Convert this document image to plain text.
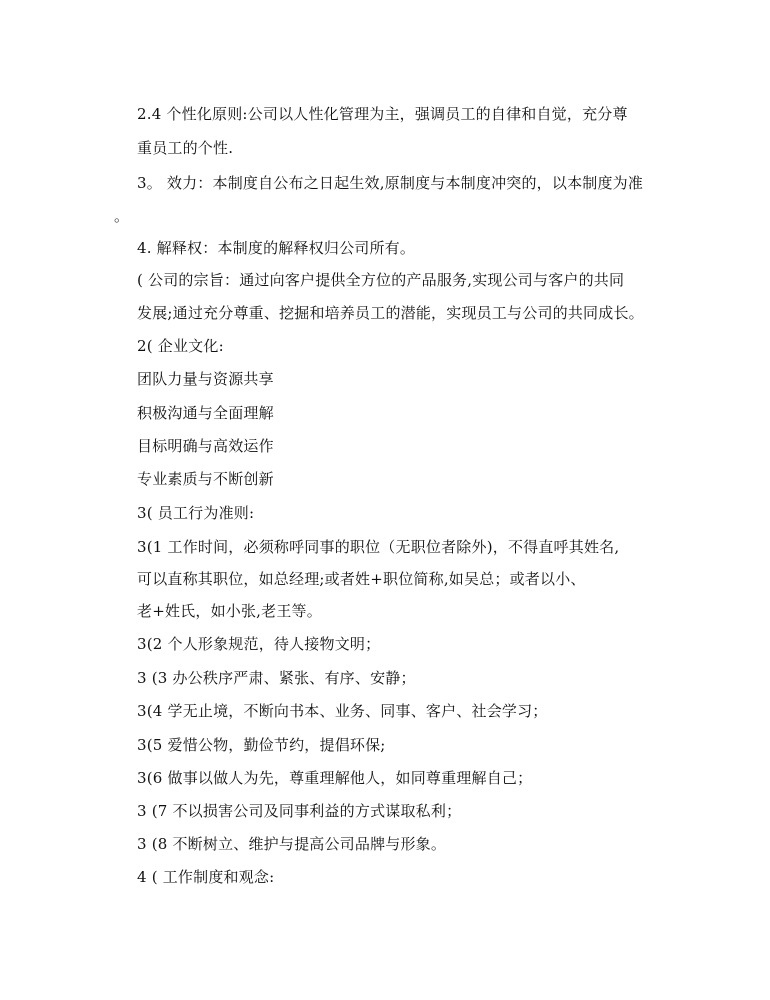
2.4 个性化原则:公司以人性化管理为主，强调员工的自律和自觉，充分尊
重员工的个性.
3。 效力：本制度自公布之日起生效,原制度与本制度冲突的，以本制度为准
。
4. 解释权：本制度的解释权归公司所有。
( 公司的宗旨：通过向客户提供全方位的产品服务,实现公司与客户的共同
发展;通过充分尊重、挖掘和培养员工的潜能，实现员工与公司的共同成长。
2( 企业文化:
团队力量与资源共享
积极沟通与全面理解
目标明确与高效运作
专业素质与不断创新
3( 员工行为准则:
3(1 工作时间，必须称呼同事的职位（无职位者除外)，不得直呼其姓名,
可以直称其职位，如总经理;或者姓+职位简称,如吴总；或者以小、
老+姓氏，如小张,老王等。
3(2 个人形象规范，待人接物文明；
3 (3 办公秩序严肃、紧张、有序、安静；
3(4 学无止境，不断向书本、业务、同事、客户、社会学习；
3(5 爱惜公物，勤俭节约，提倡环保;
3(6 做事以做人为先，尊重理解他人，如同尊重理解自己；
3 (7 不以损害公司及同事利益的方式谋取私利；
3 (8 不断树立、维护与提高公司品牌与形象。
4 ( 工作制度和观念:
